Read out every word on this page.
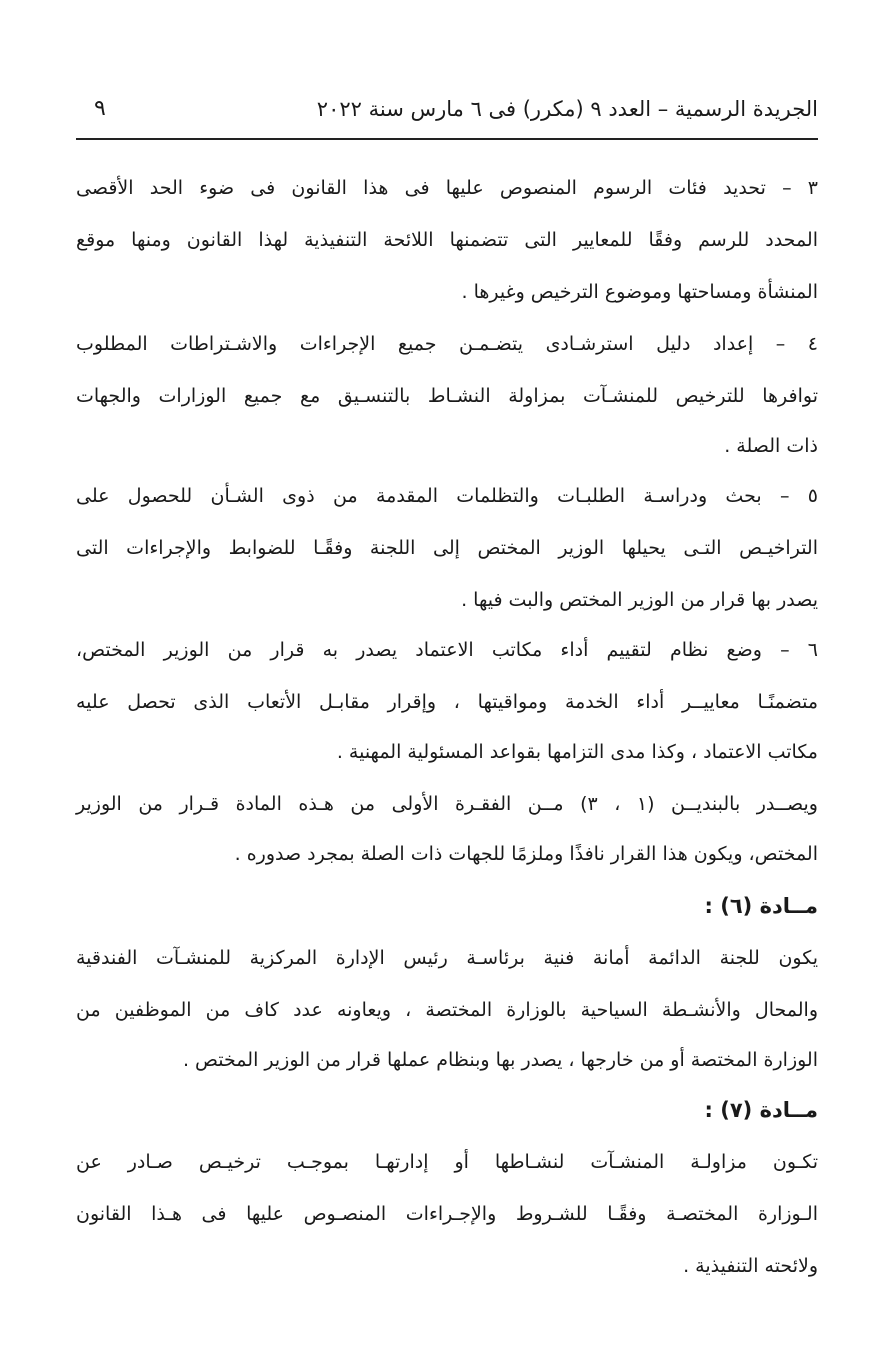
الجريدة الرسمية – العدد ٩ (مكرر) فى ٦ مارس سنة ٢٠٢٢
٩
٣ – تحديد فئات الرسوم المنصوص عليها فى هذا القانون فى ضوء الحد الأقصى
المحدد للرسم وفقًا للمعايير التى تتضمنها اللائحة التنفيذية لهذا القانون ومنها موقع
المنشأة ومساحتها وموضوع الترخيص وغيرها .
٤ – إعداد دليل استرشـادى يتضـمـن جميع الإجراءات والاشـتراطات المطلوب
توافرها للترخيص للمنشـآت بمزاولة النشـاط بالتنسـيق مع جميع الوزارات والجهات
ذات الصلة .
٥ – بحث ودراسـة الطلبـات والتظلمات المقدمة من ذوى الشـأن للحصول على
التراخيـص التـى يحيلها الوزير المختص إلى اللجنة وفقًـا للضوابط والإجراءات التى
يصدر بها قرار من الوزير المختص والبت فيها .
٦ – وضع نظام لتقييم أداء مكاتب الاعتماد يصدر به قرار من الوزير المختص،
متضمنًـا معاييــر أداء الخدمة ومواقيتها ، وإقرار مقابـل الأتعاب الذى تحصل عليه
مكاتب الاعتماد ، وكذا مدى التزامها بقواعد المسئولية المهنية .
ويصــدر بالبنديــن (١ ، ٣) مــن الفقـرة الأولى من هـذه المادة قـرار من الوزير
المختص، ويكون هذا القرار نافذًا وملزمًا للجهات ذات الصلة بمجرد صدوره .
مــادة (٦) :
يكون للجنة الدائمة أمانة فنية برئاسـة رئيس الإدارة المركزية للمنشـآت الفندقية
والمحال والأنشـطة السياحية بالوزارة المختصة ، ويعاونه عدد كاف من الموظفين من
الوزارة المختصة أو من خارجها ، يصدر بها وبنظام عملها قرار من الوزير المختص .
مــادة (٧) :
تكـون مزاولـة المنشـآت لنشـاطها أو إدارتهـا بموجـب ترخيـص صـادر عن
الـوزارة المختصـة وفقًـا للشـروط والإجـراءات المنصـوص عليها فى هـذا القانون
ولائحته التنفيذية .
